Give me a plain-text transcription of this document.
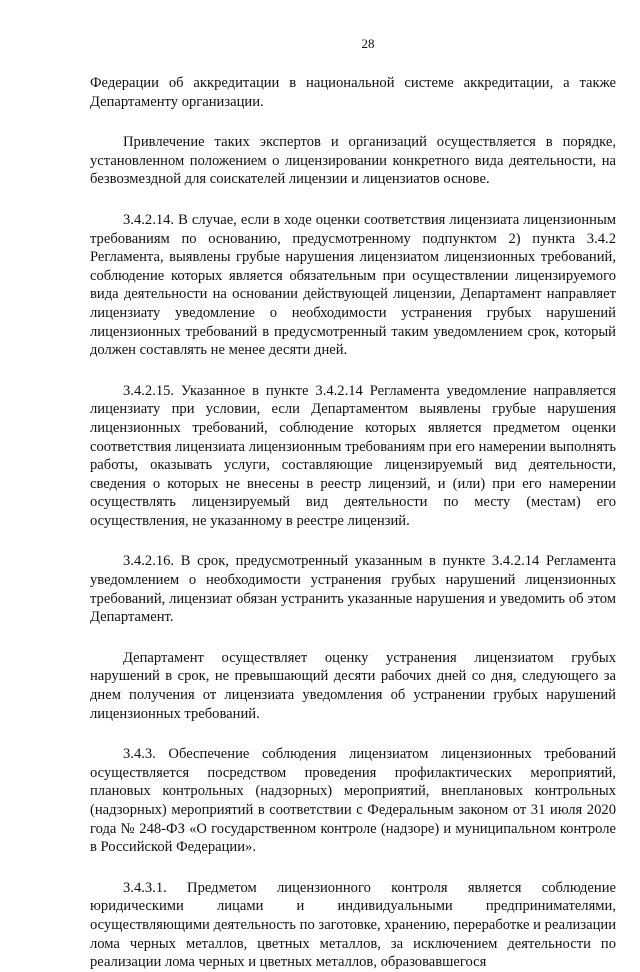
28

Федерации об аккредитации в национальной системе аккредитации, а также Департаменту организации.

Привлечение таких экспертов и организаций осуществляется в порядке, установленном положением о лицензировании конкретного вида деятельности, на безвозмездной для соискателей лицензии и лицензиатов основе.

3.4.2.14. В случае, если в ходе оценки соответствия лицензиата лицензионным требованиям по основанию, предусмотренному подпунктом 2) пункта 3.4.2 Регламента, выявлены грубые нарушения лицензиатом лицензионных требований, соблюдение которых является обязательным при осуществлении лицензируемого вида деятельности на основании действующей лицензии, Департамент направляет лицензиату уведомление о необходимости устранения грубых нарушений лицензионных требований в предусмотренный таким уведомлением срок, который должен составлять не менее десяти дней.

3.4.2.15. Указанное в пункте 3.4.2.14 Регламента уведомление направляется лицензиату при условии, если Департаментом выявлены грубые нарушения лицензионных требований, соблюдение которых является предметом оценки соответствия лицензиата лицензионным требованиям при его намерении выполнять работы, оказывать услуги, составляющие лицензируемый вид деятельности, сведения о которых не внесены в реестр лицензий, и (или) при его намерении осуществлять лицензируемый вид деятельности по месту (местам) его осуществления, не указанному в реестре лицензий.

3.4.2.16. В срок, предусмотренный указанным в пункте 3.4.2.14 Регламента уведомлением о необходимости устранения грубых нарушений лицензионных требований, лицензиат обязан устранить указанные нарушения и уведомить об этом Департамент.

Департамент осуществляет оценку устранения лицензиатом грубых нарушений в срок, не превышающий десяти рабочих дней со дня, следующего за днем получения от лицензиата уведомления об устранении грубых нарушений лицензионных требований.

3.4.3. Обеспечение соблюдения лицензиатом лицензионных требований осуществляется посредством проведения профилактических мероприятий, плановых контрольных (надзорных) мероприятий, внеплановых контрольных (надзорных) мероприятий в соответствии с Федеральным законом от 31 июля 2020 года № 248-ФЗ «О государственном контроле (надзоре) и муниципальном контроле в Российской Федерации».

3.4.3.1. Предметом лицензионного контроля является соблюдение юридическими лицами и индивидуальными предпринимателями, осуществляющими деятельность по заготовке, хранению, переработке и реализации лома черных металлов, цветных металлов, за исключением деятельности по реализации лома черных и цветных металлов, образовавшегося
